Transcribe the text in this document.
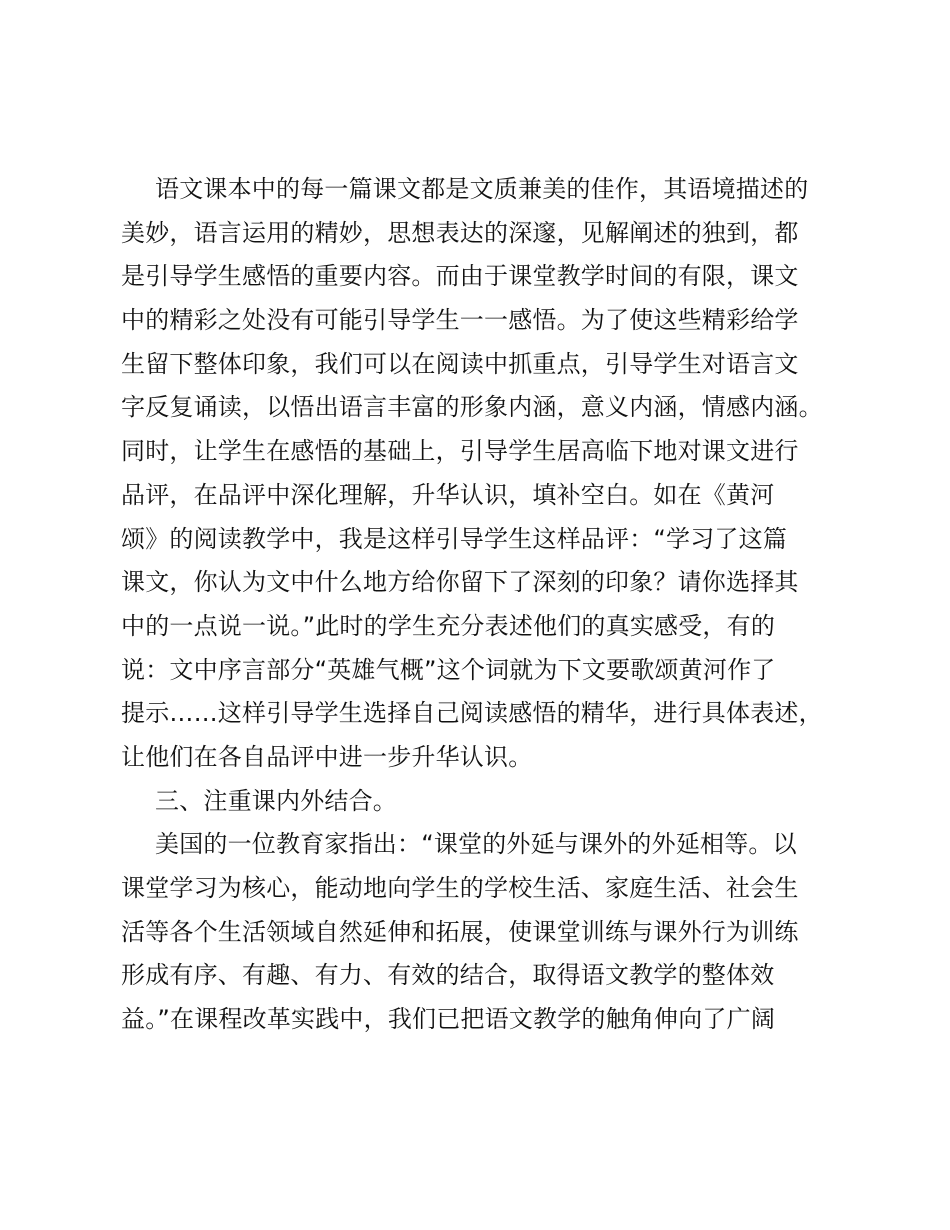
语文课本中的每一篇课文都是文质兼美的佳作，其语境描述的
美妙，语言运用的精妙，思想表达的深邃，见解阐述的独到，都
是引导学生感悟的重要内容。而由于课堂教学时间的有限，课文
中的精彩之处没有可能引导学生一一感悟。为了使这些精彩给学
生留下整体印象，我们可以在阅读中抓重点，引导学生对语言文
字反复诵读，以悟出语言丰富的形象内涵，意义内涵，情感内涵。
同时，让学生在感悟的基础上，引导学生居高临下地对课文进行
品评，在品评中深化理解，升华认识，填补空白。如在《黄河
颂》的阅读教学中，我是这样引导学生这样品评：“学习了这篇
课文，你认为文中什么地方给你留下了深刻的印象？请你选择其
中的一点说一说。”此时的学生充分表述他们的真实感受，有的
说：文中序言部分“英雄气概”这个词就为下文要歌颂黄河作了
提示……这样引导学生选择自己阅读感悟的精华，进行具体表述，
让他们在各自品评中进一步升华认识。
三、注重课内外结合。
美国的一位教育家指出：“课堂的外延与课外的外延相等。以
课堂学习为核心，能动地向学生的学校生活、家庭生活、社会生
活等各个生活领域自然延伸和拓展，使课堂训练与课外行为训练
形成有序、有趣、有力、有效的结合，取得语文教学的整体效
益。”在课程改革实践中，我们已把语文教学的触角伸向了广阔
